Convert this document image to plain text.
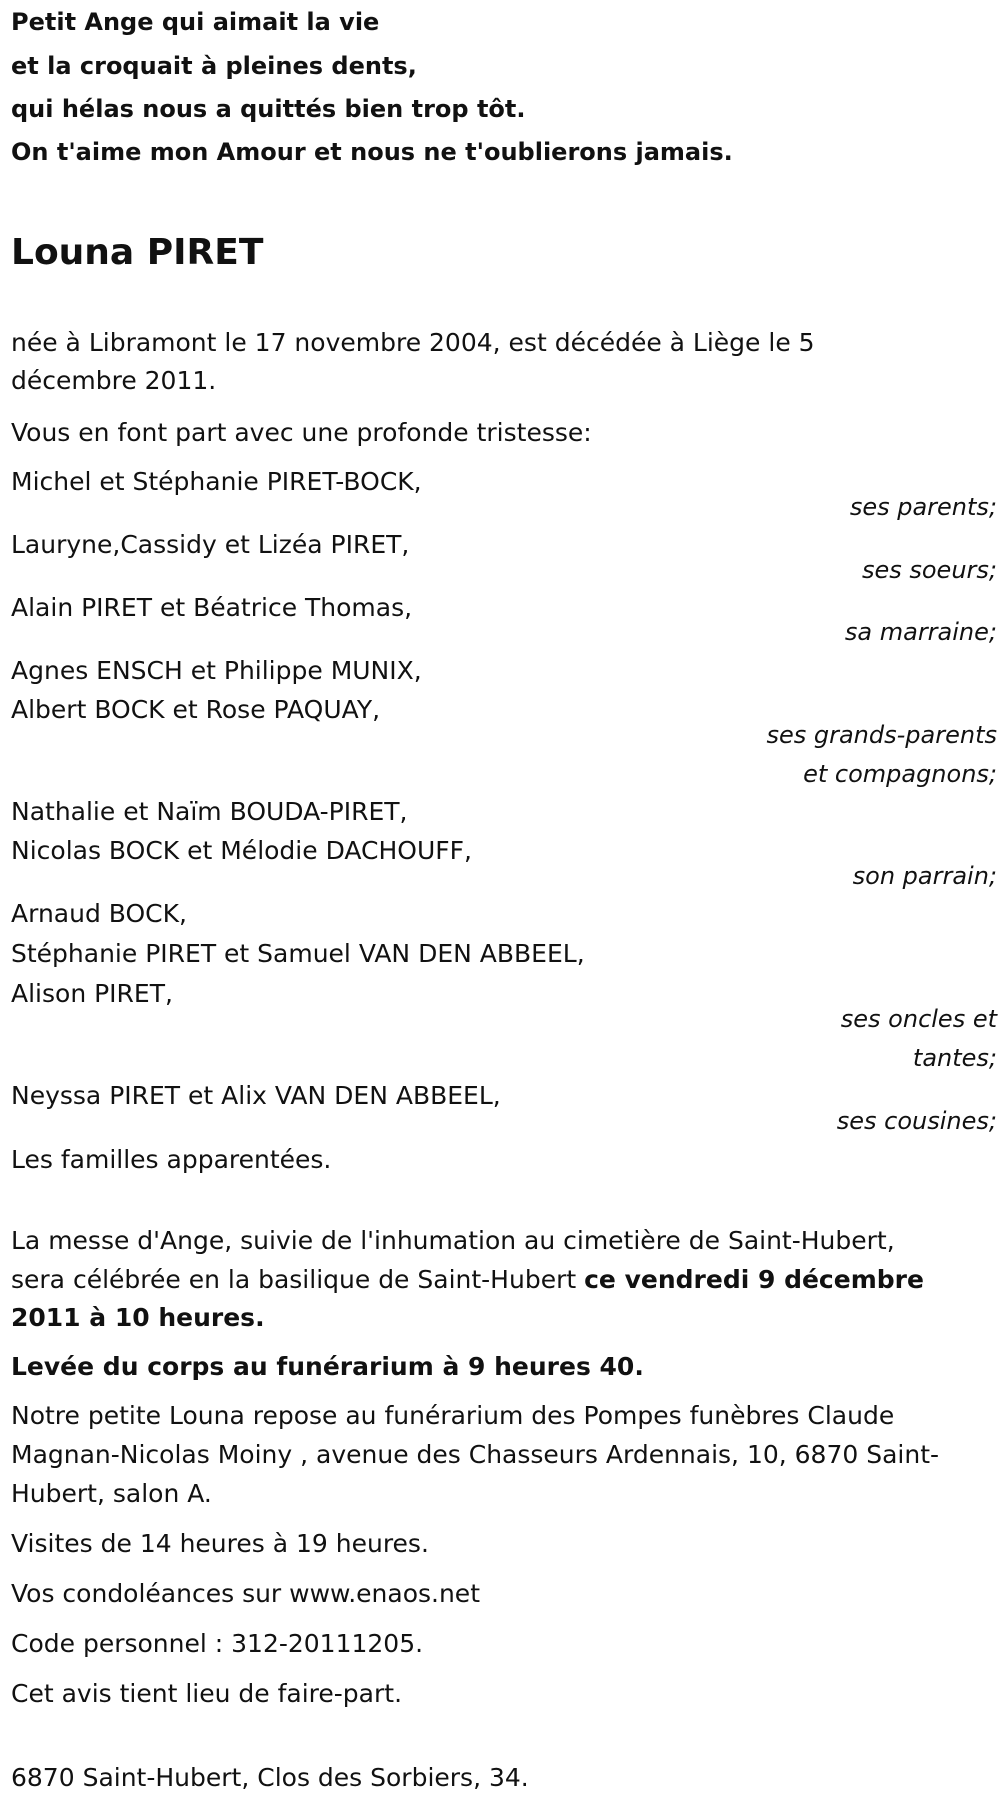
Petit Ange qui aimait la vie
et la croquait à pleines dents,
qui hélas nous a quittés bien trop tôt.
On t'aime mon Amour et nous ne t'oublierons jamais.
Louna PIRET
née à Libramont le 17 novembre 2004, est décédée à Liège le 5
décembre 2011.
Vous en font part avec une profonde tristesse:
Michel et Stéphanie PIRET-BOCK,
ses parents;
Lauryne,Cassidy et Lizéa PIRET,
ses soeurs;
Alain PIRET et Béatrice Thomas,
sa marraine;
Agnes ENSCH et Philippe MUNIX,
Albert BOCK et Rose PAQUAY,
ses grands-parents
et compagnons;
Nathalie et Naïm BOUDA-PIRET,
Nicolas BOCK et Mélodie DACHOUFF,
son parrain;
Arnaud BOCK,
Stéphanie PIRET et Samuel VAN DEN ABBEEL,
Alison PIRET,
ses oncles et
tantes;
Neyssa PIRET et Alix VAN DEN ABBEEL,
ses cousines;
Les familles apparentées.
La messe d'Ange, suivie de l'inhumation au cimetière de Saint-Hubert,
sera célébrée en la basilique de Saint-Hubert ce vendredi 9 décembre
2011 à 10 heures.
Levée du corps au funérarium à 9 heures 40.
Notre petite Louna repose au funérarium des Pompes funèbres Claude
Magnan-Nicolas Moiny , avenue des Chasseurs Ardennais, 10, 6870 Saint-
Hubert, salon A.
Visites de 14 heures à 19 heures.
Vos condoléances sur www.enaos.net
Code personnel : 312-20111205.
Cet avis tient lieu de faire-part.
6870 Saint-Hubert, Clos des Sorbiers, 34.
